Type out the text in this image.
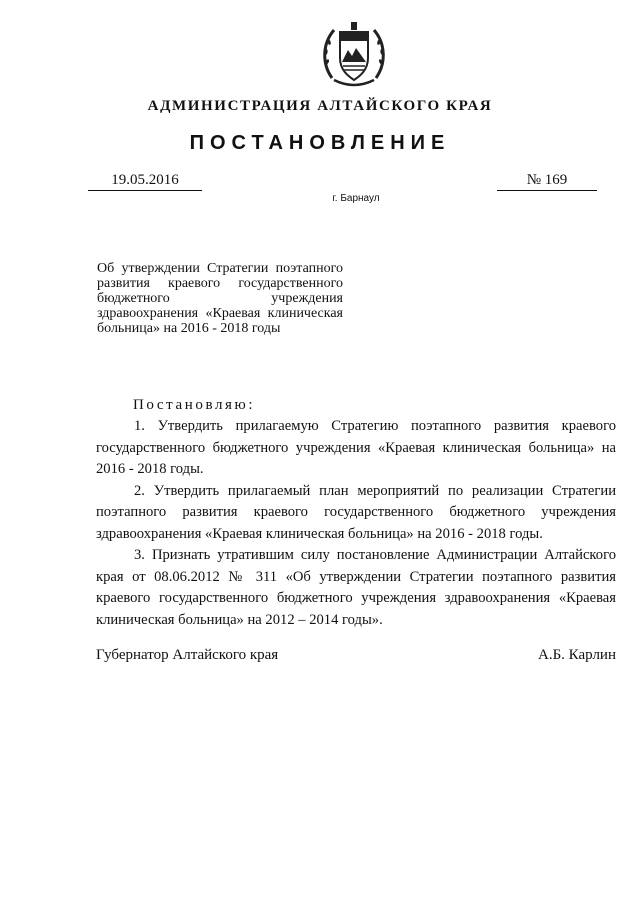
АДМИНИСТРАЦИЯ АЛТАЙСКОГО КРАЯ
ПОСТАНОВЛЕНИЕ
19.05.2016	№ 169
г. Барнаул
Об утверждении Стратегии поэтапного развития краевого государственного бюджетного учреждения здравоохранения «Краевая клиническая больница» на 2016 - 2018 годы
Постановляю:

1. Утвердить прилагаемую Стратегию поэтапного развития краевого государственного бюджетного учреждения «Краевая клиническая больница» на 2016 - 2018 годы.

2. Утвердить прилагаемый план мероприятий по реализации Стратегии поэтапного развития краевого государственного бюджетного учреждения здравоохранения «Краевая клиническая больница» на 2016 - 2018 годы.

3. Признать утратившим силу постановление Администрации Алтайского края от 08.06.2012 № 311 «Об утверждении Стратегии поэтапного развития краевого государственного бюджетного учреждения здравоохранения «Краевая клиническая больница» на 2012 – 2014 годы».

Губернатор Алтайского края	А.Б. Карлин
